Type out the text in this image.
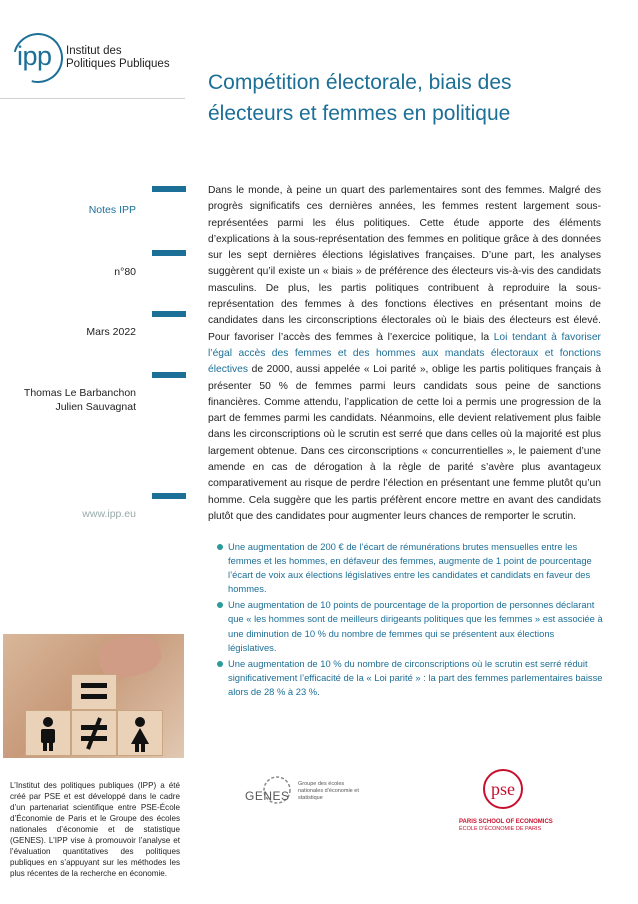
ipp Institut des
Politiques Publiques
Compétition électorale, biais des
électeurs et femmes en politique
Notes IPP
n°80
Mars 2022
Thomas Le Barbanchon
Julien Sauvagnat
www.ipp.eu
Dans le monde, à peine un quart des parlementaires sont des femmes. Malgré des progrès significatifs ces dernières années, les femmes restent largement sous-représentées parmi les élus politiques. Cette étude apporte des éléments d’explications à la sous-représentation des femmes en politique grâce à des données sur les sept dernières élections législatives françaises. D’une part, les analyses suggèrent qu’il existe un « biais » de préférence des électeurs vis-à-vis des candidats masculins. De plus, les partis politiques contribuent à reproduire la sous-représentation des femmes à des fonctions électives en présentant moins de candidates dans les circonscriptions électorales où le biais des électeurs est élevé. Pour favoriser l’accès des femmes à l’exercice politique, la Loi tendant à favoriser l’égal accès des femmes et des hommes aux mandats électoraux et fonctions électives de 2000, aussi appelée « Loi parité », oblige les partis politiques français à présenter 50 % de femmes parmi leurs candidats sous peine de sanctions financières. Comme attendu, l’application de cette loi a permis une progression de la part de femmes parmi les candidats. Néanmoins, elle devient relativement plus faible dans les circonscriptions où le scrutin est serré que dans celles où la majorité est plus largement obtenue. Dans ces circonscriptions « concurrentielles », le paiement d’une amende en cas de dérogation à la règle de parité s’avère plus avantageux comparativement au risque de perdre l’élection en présentant une femme plutôt qu’un homme. Cela suggère que les partis préfèrent encore mettre en avant des candidats plutôt que des candidates pour augmenter leurs chances de remporter le scrutin.
Une augmentation de 200 € de l’écart de rémunérations brutes mensuelles entre les femmes et les hommes, en défaveur des femmes, augmente de 1 point de pourcentage l’écart de voix aux élections législatives entre les candidates et candidats en faveur des hommes.
Une augmentation de 10 points de pourcentage de la proportion de personnes déclarant que « les hommes sont de meilleurs dirigeants politiques que les femmes » est associée à une diminution de 10 % du nombre de femmes qui se présentent aux élections législatives.
Une augmentation de 10 % du nombre de circonscriptions où le scrutin est serré réduit significativement l’efficacité de la « Loi parité » : la part des femmes parlementaires baisse alors de 28 % à 23 %.
L’Institut des politiques publiques (IPP) a été créé par PSE et est développé dans le cadre d’un partenariat scientifique entre PSE-École d’Économie de Paris et le Groupe des écoles nationales d’économie et de statistique (GENES). L’IPP vise à promouvoir l’analyse et l’évaluation quantitatives des politiques publiques en s’appuyant sur les méthodes les plus récentes de la recherche en économie.
GENES
Groupe des écoles nationales d’économie et statistique	pse
PARIS SCHOOL OF ECONOMICS
ÉCOLE D’ÉCONOMIE DE PARIS
